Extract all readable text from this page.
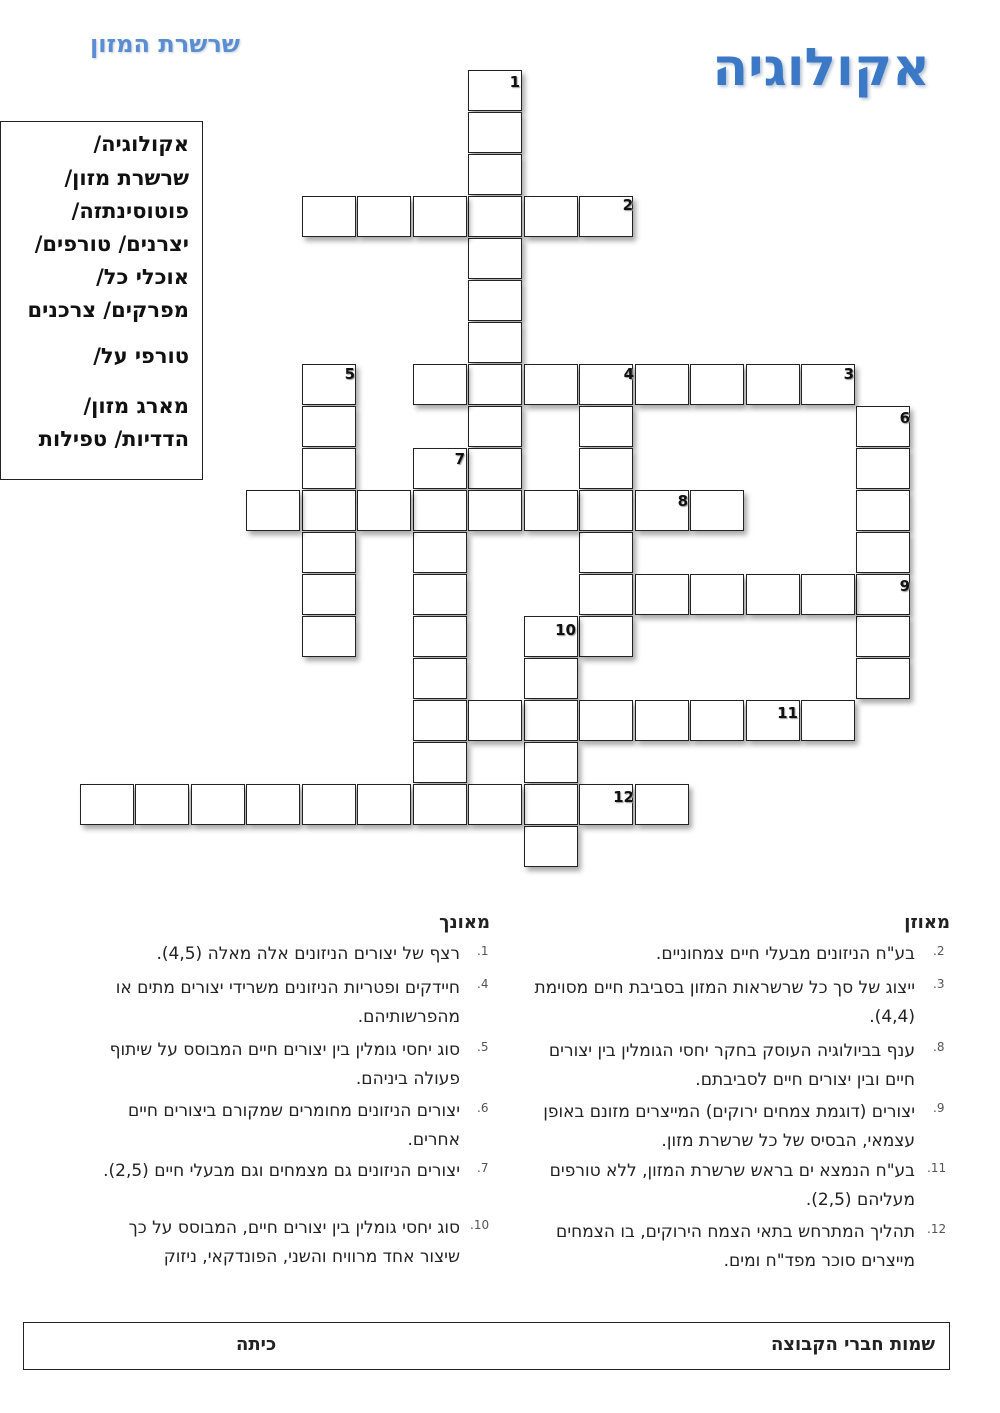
אקולוגיה
שרשרת המזון
אקולוגיה/
שרשרת מזון/
פוטוסינתזה/
יצרנים/ טורפים/
אוכלי כל/
מפרקים/ צרכנים
טורפי על/
מארג מזון/
הדדיות/ טפילות
1
2
3
4
5
6
7
8
9
10
11
12
מאוזן
מאונך
.2
בע"ח הניזונים מבעלי חיים צמחוניים.
.3
ייצוג של סך כל שרשראות המזון בסביבת חיים מסוימת (4,4).
.8
ענף בביולוגיה העוסק בחקר יחסי הגומלין בין יצורים חיים ובין יצורים חיים לסביבתם.
.9
יצורים (דוגמת צמחים ירוקים) המייצרים מזונם באופן עצמאי, הבסיס של כל שרשרת מזון.
.11
בע"ח הנמצא ים בראש שרשרת המזון, ללא טורפים מעליהם (2,5).
.12
תהליך המתרחש בתאי הצמח הירוקים, בו הצמחים מייצרים סוכר מפד"ח ומים.
.1
רצף של יצורים הניזונים אלה מאלה (4,5).
.4
חיידקים ופטריות הניזונים משרידי יצורים מתים או מהפרשותיהם.
.5
סוג יחסי גומלין בין יצורים חיים המבוסס על שיתוף פעולה ביניהם.
.6
יצורים הניזונים מחומרים שמקורם ביצורים חיים אחרים.
.7
יצורים הניזונים גם מצמחים וגם מבעלי חיים (2,5).
.10
סוג יחסי גומלין בין יצורים חיים, המבוסס על כך שיצור אחד מרוויח והשני, הפונדקאי, ניזוק
שמות חברי הקבוצה
כיתה
